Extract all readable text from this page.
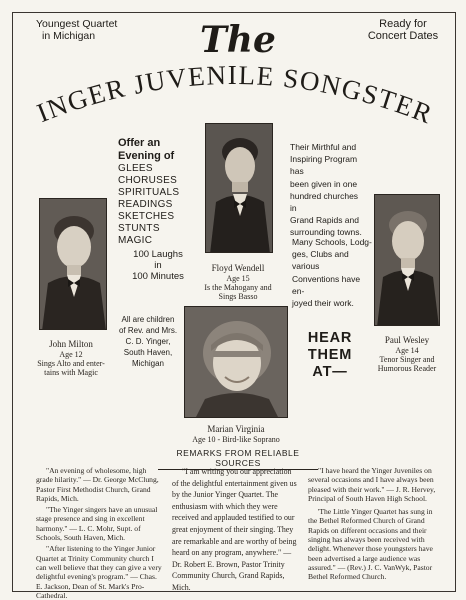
Youngest Quartet
in Michigan	The	Ready for
Concert Dates
INGER JUVENILE SONGSTER
Floyd Wendell
Age 15
Is the Mahogany and
Sings Basso
Offer an
Evening of
GLEES
CHORUSES
SPIRITUALS
READINGS
SKETCHES
STUNTS
MAGIC
100 Laughs
in
100 Minutes
Their Mirthful and
Inspiring Program has
been given in one
hundred churches in
Grand Rapids and
surrounding towns.
Many Schools, Lodg-
ges, Clubs and various
Conventions have en-
joyed their work.
John Milton
Age 12
Sings Alto and enter-
tains with Magic
Paul Wesley
Age 14
Tenor Singer and
Humorous Reader
All are children
of Rev. and Mrs.
C. D. Yinger,
South Haven,
Michigan
Marian Virginia
Age 10 - Bird-like Soprano
HEAR
THEM
AT—
REMARKS FROM RELIABLE SOURCES

"An evening of wholesome, high grade hilarity." — Dr. George McClung, Pastor First Methodist Church, Grand Rapids, Mich.

"The Yinger singers have an unusual stage presence and sing in excellent harmony." — L. C. Mohr, Supt. of Schools, South Haven, Mich.

"After listening to the Yinger Junior Quartet at Trinity Community church I can well believe that they can give a very delightful evening's program." — Chas. E. Jackson, Dean of St. Mark's Pro-Cathedral.

"I am writing you our appreciation of the delightful entertainment given us by the Junior Yinger Quartet. The enthusiasm with which they were received and applauded testified to our great enjoyment of their singing. They are remarkable and are worthy of being heard on any program, anywhere." — Dr. Robert E. Brown, Pastor Trinity Community Church, Grand Rapids, Mich.

"I have heard the Yinger Juveniles on several occasions and I have always been pleased with their work." — J. R. Hervey, Principal of South Haven High School.

'The Little Yinger Quartet has sung in the Bethel Reformed Church of Grand Rapids on different occasions and their singing has always been received with delight. Whenever those youngsters have been advertised a large audience was assured." — (Rev.) J. C. VanWyk, Pastor Bethel Reformed Church.
